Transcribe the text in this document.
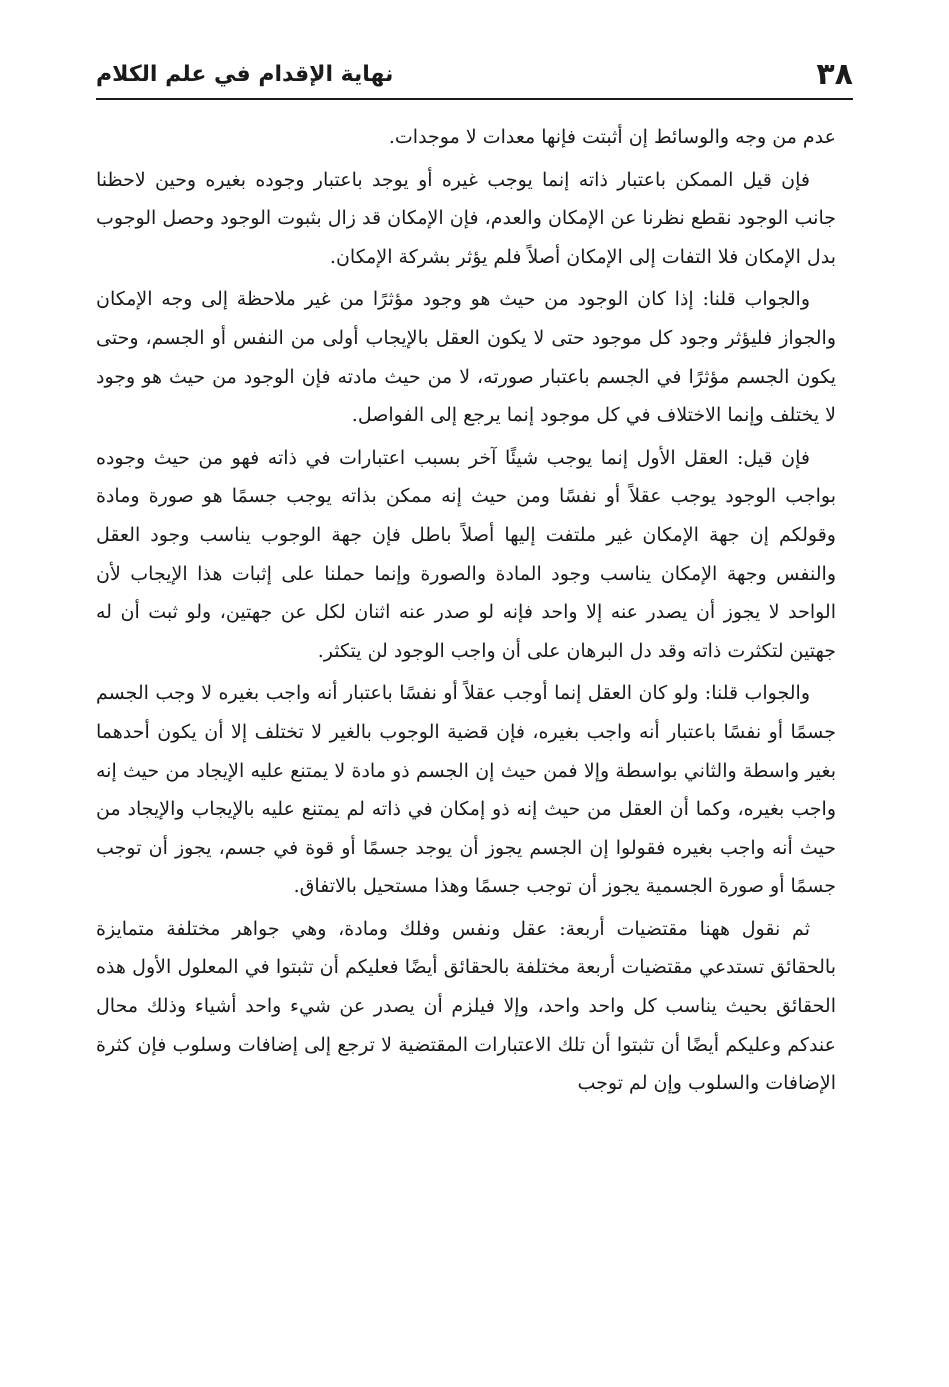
٣٨
نهاية الإقدام في علم الكلام

عدم من وجه والوسائط إن أثبتت فإنها معدات لا موجدات.

فإن قيل الممكن باعتبار ذاته إنما يوجب غيره أو يوجد باعتبار وجوده بغيره وحين لاحظنا جانب الوجود نقطع نظرنا عن الإمكان والعدم، فإن الإمكان قد زال بثبوت الوجود وحصل الوجوب بدل الإمكان فلا التفات إلى الإمكان أصلاً فلم يؤثر بشركة الإمكان.

والجواب قلنا: إذا كان الوجود من حيث هو وجود مؤثرًا من غير ملاحظة إلى وجه الإمكان والجواز فليؤثر وجود كل موجود حتى لا يكون العقل بالإيجاب أولى من النفس أو الجسم، وحتى يكون الجسم مؤثرًا في الجسم باعتبار صورته، لا من حيث مادته فإن الوجود من حيث هو وجود لا يختلف وإنما الاختلاف في كل موجود إنما يرجع إلى الفواصل.

فإن قيل: العقل الأول إنما يوجب شيئًا آخر بسبب اعتبارات في ذاته فهو من حيث وجوده بواجب الوجود يوجب عقلاً أو نفسًا ومن حيث إنه ممكن بذاته يوجب جسمًا هو صورة ومادة وقولكم إن جهة الإمكان غير ملتفت إليها أصلاً باطل فإن جهة الوجوب يناسب وجود العقل والنفس وجهة الإمكان يناسب وجود المادة والصورة وإنما حملنا على إثبات هذا الإيجاب لأن الواحد لا يجوز أن يصدر عنه إلا واحد فإنه لو صدر عنه اثنان لكل عن جهتين، ولو ثبت أن له جهتين لتكثرت ذاته وقد دل البرهان على أن واجب الوجود لن يتكثر.

والجواب قلنا: ولو كان العقل إنما أوجب عقلاً أو نفسًا باعتبار أنه واجب بغيره لا وجب الجسم جسمًا أو نفسًا باعتبار أنه واجب بغيره، فإن قضية الوجوب بالغير لا تختلف إلا أن يكون أحدهما بغير واسطة والثاني بواسطة وإلا فمن حيث إن الجسم ذو مادة لا يمتنع عليه الإيجاد من حيث إنه واجب بغيره، وكما أن العقل من حيث إنه ذو إمكان في ذاته لم يمتنع عليه بالإيجاب والإيجاد من حيث أنه واجب بغيره فقولوا إن الجسم يجوز أن يوجد جسمًا أو قوة في جسم، يجوز أن توجب جسمًا أو صورة الجسمية يجوز أن توجب جسمًا وهذا مستحيل بالاتفاق.

ثم نقول ههنا مقتضيات أربعة: عقل ونفس وفلك ومادة، وهي جواهر مختلفة متمايزة بالحقائق تستدعي مقتضيات أربعة مختلفة بالحقائق أيضًا فعليكم أن تثبتوا في المعلول الأول هذه الحقائق بحيث يناسب كل واحد واحد، وإلا فيلزم أن يصدر عن شيء واحد أشياء وذلك محال عندكم وعليكم أيضًا أن تثبتوا أن تلك الاعتبارات المقتضية لا ترجع إلى إضافات وسلوب فإن كثرة الإضافات والسلوب وإن لم توجب
